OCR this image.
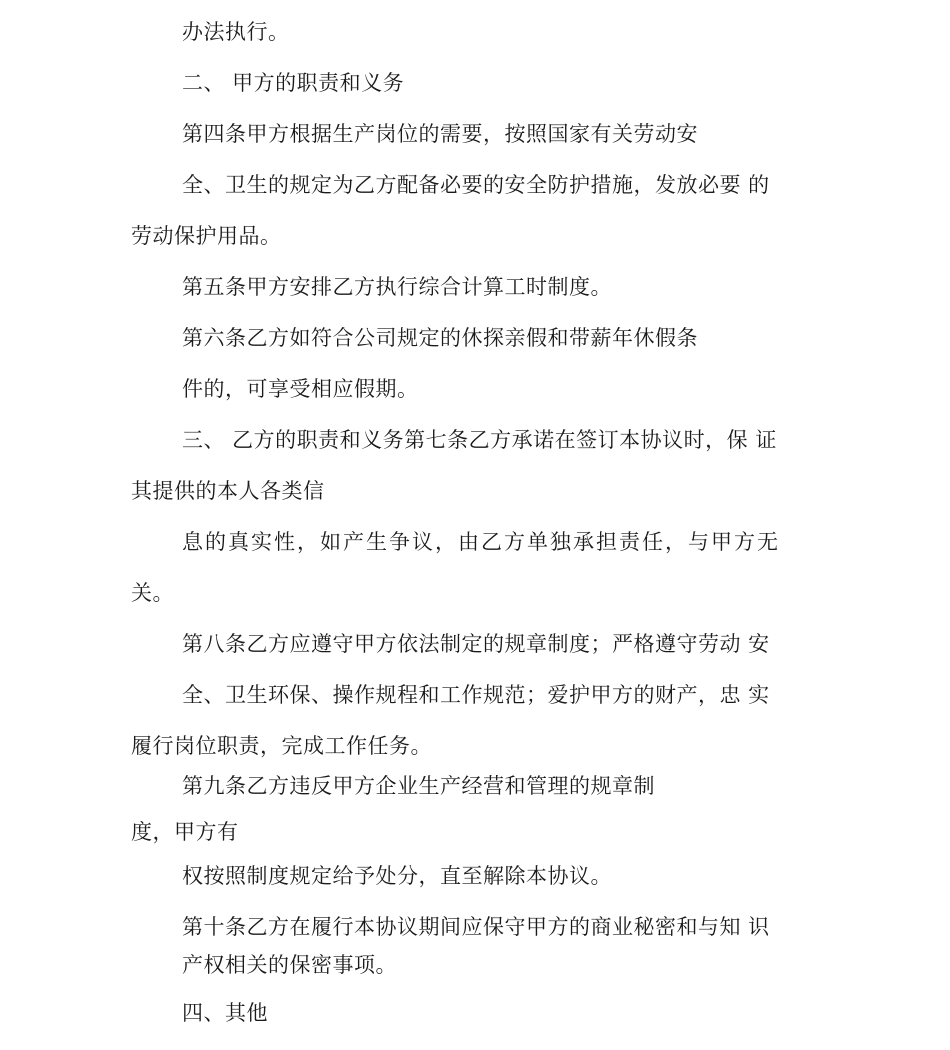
办法执行。

二、 甲方的职责和义务

第四条甲方根据生产岗位的需要，按照国家有关劳动安

全、卫生的规定为乙方配备必要的安全防护措施，发放必要 的

劳动保护用品。

第五条甲方安排乙方执行综合计算工时制度。

第六条乙方如符合公司规定的休探亲假和带薪年休假条

件的，可享受相应假期。

三、 乙方的职责和义务第七条乙方承诺在签订本协议时，保 证

其提供的本人各类信

息的真实性，如产生争议，由乙方单独承担责任，与甲方无

关。

第八条乙方应遵守甲方依法制定的规章制度；严格遵守劳动 安

全、卫生环保、操作规程和工作规范；爱护甲方的财产，忠 实

履行岗位职责，完成工作任务。

第九条乙方违反甲方企业生产经营和管理的规章制

度，甲方有

权按照制度规定给予处分，直至解除本协议。

第十条乙方在履行本协议期间应保守甲方的商业秘密和与知 识

产权相关的保密事项。

四、其他
